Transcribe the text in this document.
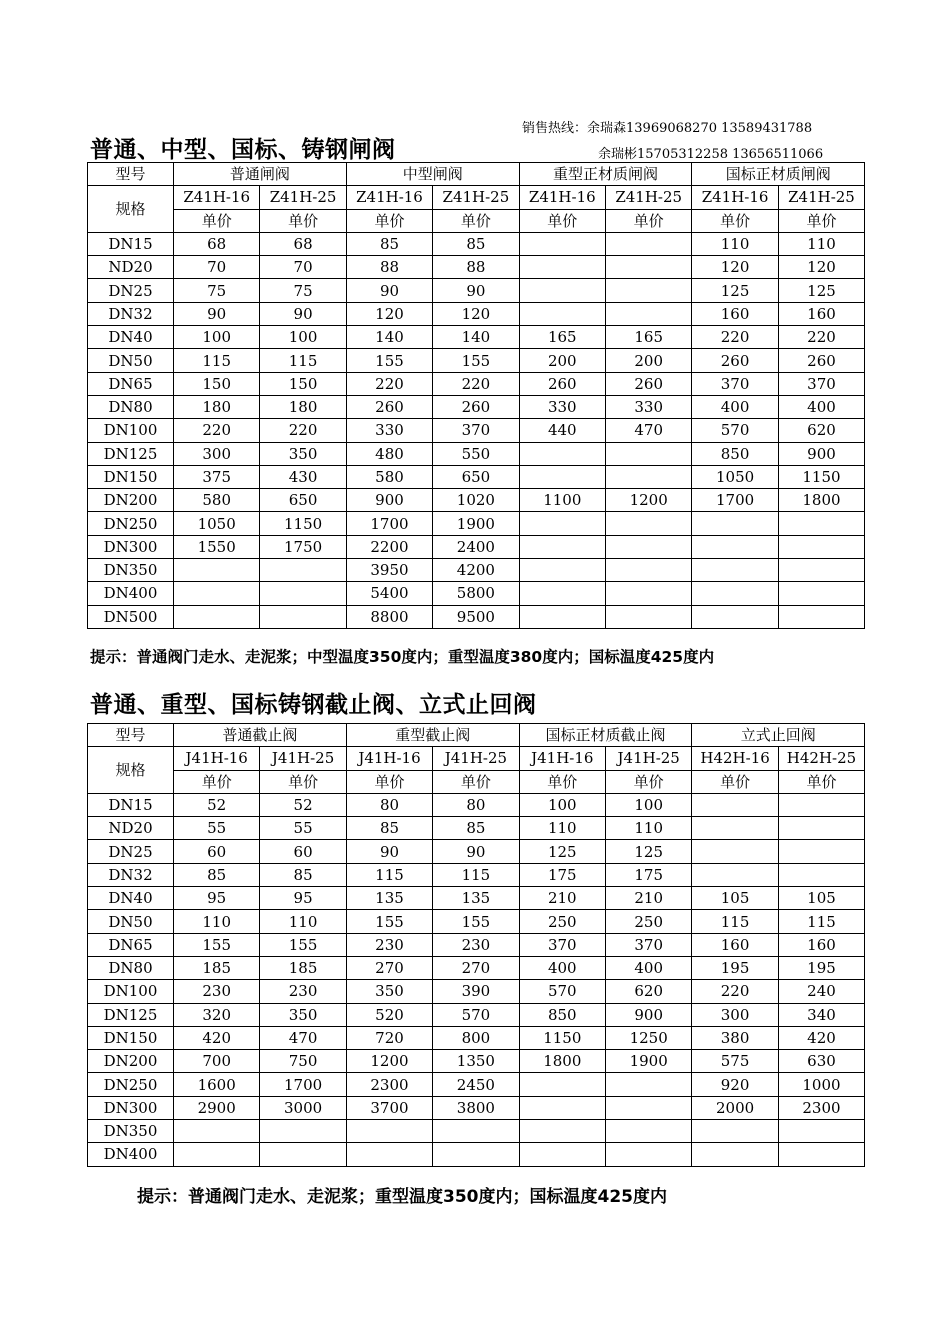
销售热线：余瑞森13969068270 13589431788
余瑞彬15705312258 13656511066
普通、中型、国标、铸钢闸阀
型号	普通闸阀		中型闸阀		重型正材质闸阀		国标正材质闸阀	
规格	Z41H-16	Z41H-25	Z41H-16	Z41H-25	Z41H-16	Z41H-25	Z41H-16	Z41H-25
	单价	单价	单价	单价	单价	单价	单价	单价
DN15	68	68	85	85			110	110
ND20	70	70	88	88			120	120
DN25	75	75	90	90			125	125
DN32	90	90	120	120			160	160
DN40	100	100	140	140	165	165	220	220
DN50	115	115	155	155	200	200	260	260
DN65	150	150	220	220	260	260	370	370
DN80	180	180	260	260	330	330	400	400
DN100	220	220	330	370	440	470	570	620
DN125	300	350	480	550			850	900
DN150	375	430	580	650			1050	1150
DN200	580	650	900	1020	1100	1200	1700	1800
DN250	1050	1150	1700	1900				
DN300	1550	1750	2200	2400				
DN350			3950	4200				
DN400			5400	5800				
DN500			8800	9500				
提示：普通阀门走水、走泥浆；中型温度350度内；重型温度380度内；国标温度425度内
普通、重型、国标铸钢截止阀、立式止回阀
型号	普通截止阀		重型截止阀		国标正材质截止阀		立式止回阀	
规格	J41H-16	J41H-25	J41H-16	J41H-25	J41H-16	J41H-25	H42H-16	H42H-25
	单价	单价	单价	单价	单价	单价	单价	单价
DN15	52	52	80	80	100	100		
ND20	55	55	85	85	110	110		
DN25	60	60	90	90	125	125		
DN32	85	85	115	115	175	175		
DN40	95	95	135	135	210	210	105	105
DN50	110	110	155	155	250	250	115	115
DN65	155	155	230	230	370	370	160	160
DN80	185	185	270	270	400	400	195	195
DN100	230	230	350	390	570	620	220	240
DN125	320	350	520	570	850	900	300	340
DN150	420	470	720	800	1150	1250	380	420
DN200	700	750	1200	1350	1800	1900	575	630
DN250	1600	1700	2300	2450			920	1000
DN300	2900	3000	3700	3800			2000	2300
DN350								
DN400								
提示：普通阀门走水、走泥浆；重型温度350度内；国标温度425度内
